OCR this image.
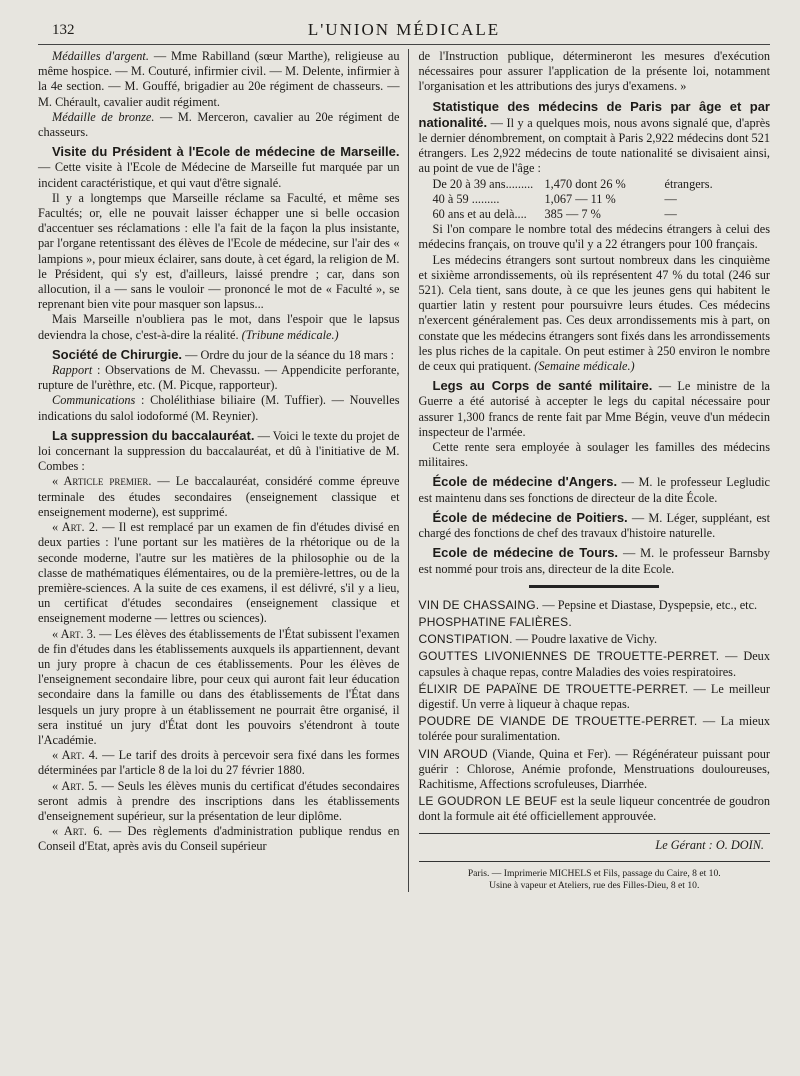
132	L'UNION MÉDICALE

Médailles d'argent. — Mme Rabilland (sœur Marthe), religieuse au même hospice. — M. Couturé, infirmier civil. — M. Delente, infirmier à la 4e section. — M. Gouffé, brigadier au 20e régiment de chasseurs. — M. Chérault, cavalier audit régiment.

Médaille de bronze. — M. Merceron, cavalier au 20e régiment de chasseurs.

Visite du Président à l'Ecole de médecine de Marseille. — Cette visite à l'Ecole de Médecine de Marseille fut marquée par un incident caractéristique, et qui vaut d'être signalé.

Il y a longtemps que Marseille réclame sa Faculté, et même ses Facultés; or, elle ne pouvait laisser échapper une si belle occasion d'accentuer ses réclamations : elle l'a fait de la façon la plus insistante, par l'organe retentissant des élèves de l'Ecole de médecine, sur l'air des « lampions », pour mieux éclairer, sans doute, à cet égard, la religion de M. le Président, qui s'y est, d'ailleurs, laissé prendre ; car, dans son allocution, il a — sans le vouloir — prononcé le mot de « Faculté », se reprenant bien vite pour masquer son lapsus...

Mais Marseille n'oubliera pas le mot, dans l'espoir que le lapsus deviendra la chose, c'est-à-dire la réalité. (Tribune médicale.)

Société de Chirurgie. — Ordre du jour de la séance du 18 mars :

Rapport : Observations de M. Chevassu. — Appendicite perforante, rupture de l'urèthre, etc. (M. Picque, rapporteur).

Communications : Cholélithiase biliaire (M. Tuffier). — Nouvelles indications du salol iodoformé (M. Reynier).

La suppression du baccalauréat. — Voici le texte du projet de loi concernant la suppression du baccalauréat, et dû à l'initiative de M. Combes :

« Article premier. — Le baccalauréat, considéré comme épreuve terminale des études secondaires (enseignement classique et enseignement moderne), est supprimé.

« Art. 2. — Il est remplacé par un examen de fin d'études divisé en deux parties : l'une portant sur les matières de la rhétorique ou de la seconde moderne, l'autre sur les matières de la philosophie ou de la classe de mathématiques élémentaires, ou de la première-lettres, ou de la première-sciences. A la suite de ces examens, il est délivré, s'il y a lieu, un certificat d'études secondaires (enseignement classique et enseignement moderne — lettres ou sciences).

« Art. 3. — Les élèves des établissements de l'État subissent l'examen de fin d'études dans les établissements auxquels ils appartiennent, devant un jury propre à chacun de ces établissements. Pour les élèves de l'enseignement secondaire libre, pour ceux qui auront fait leur éducation secondaire dans la famille ou dans des établissements de l'État dans lesquels un jury propre à un établissement ne pourrait être organisé, il sera institué un jury d'État dont les pouvoirs s'étendront à toute l'Académie.

« Art. 4. — Le tarif des droits à percevoir sera fixé dans les formes déterminées par l'article 8 de la loi du 27 février 1880.

« Art. 5. — Seuls les élèves munis du certificat d'études secondaires seront admis à prendre des inscriptions dans les établissements d'enseignement supérieur, sur la présentation de leur diplôme.

« Art. 6. — Des règlements d'administration publique rendus en Conseil d'Etat, après avis du Conseil supérieur

de l'Instruction publique, détermineront les mesures d'exécution nécessaires pour assurer l'application de la présente loi, notamment l'organisation et les attributions des jurys d'examens. »

Statistique des médecins de Paris par âge et par nationalité. — Il y a quelques mois, nous avons signalé que, d'après le dernier dénombrement, on comptait à Paris 2,922 médecins dont 521 étrangers. Les 2,922 médecins de toute nationalité se divisaient ainsi, au point de vue de l'âge :

De 20 à 39 ans......... 1,470 dont 26 %	étrangers.
40 à 59 .........	1,067 — 11 %	—
60 ans et au delà.... 385 — 7 %	—

Si l'on compare le nombre total des médecins étrangers à celui des médecins français, on trouve qu'il y a 22 étrangers pour 100 français.

Les médecins étrangers sont surtout nombreux dans les cinquième et sixième arrondissements, où ils représentent 47 % du total (246 sur 521). Cela tient, sans doute, à ce que les jeunes gens qui habitent le quartier latin y restent pour poursuivre leurs études. Ces médecins n'exercent généralement pas. Ces deux arrondissements mis à part, on constate que les médecins étrangers sont fixés dans les arrondissements les plus riches de la capitale. On peut estimer à 250 environ le nombre de ceux qui pratiquent. (Semaine médicale.)

Legs au Corps de santé militaire. — Le ministre de la Guerre a été autorisé à accepter le legs du capital nécessaire pour assurer 1,300 francs de rente fait par Mme Bégin, veuve d'un médecin inspecteur de l'armée.

Cette rente sera employée à soulager les familles des médecins militaires.

École de médecine d'Angers. — M. le professeur Legludic est maintenu dans ses fonctions de directeur de la dite École.

École de médecine de Poitiers. — M. Léger, suppléant, est chargé des fonctions de chef des travaux d'histoire naturelle.

Ecole de médecine de Tours. — M. le professeur Barnsby est nommé pour trois ans, directeur de la dite Ecole.

VIN DE CHASSAING. — Pepsine et Diastase, Dyspepsie, etc., etc.

PHOSPHATINE FALIÈRES.

CONSTIPATION. — Poudre laxative de Vichy.

GOUTTES LIVONIENNES DE TROUETTE-PERRET. — Deux capsules à chaque repas, contre Maladies des voies respiratoires.

ÉLIXIR DE PAPAÏNE DE TROUETTE-PERRET. — Le meilleur digestif. Un verre à liqueur à chaque repas.

POUDRE DE VIANDE DE TROUETTE-PERRET. — La mieux tolérée pour suralimentation.

VIN AROUD (Viande, Quina et Fer). — Régénérateur puissant pour guérir : Chlorose, Anémie profonde, Menstruations douloureuses, Rachitisme, Affections scrofuleuses, Diarrhée.

LE GOUDRON LE BEUF est la seule liqueur concentrée de goudron dont la formule ait été officiellement approuvée.

Le Gérant : O. DOIN.
Paris. — Imprimerie MICHELS et Fils, passage du Caire, 8 et 10.
Usine à vapeur et Ateliers, rue des Filles-Dieu, 8 et 10.
